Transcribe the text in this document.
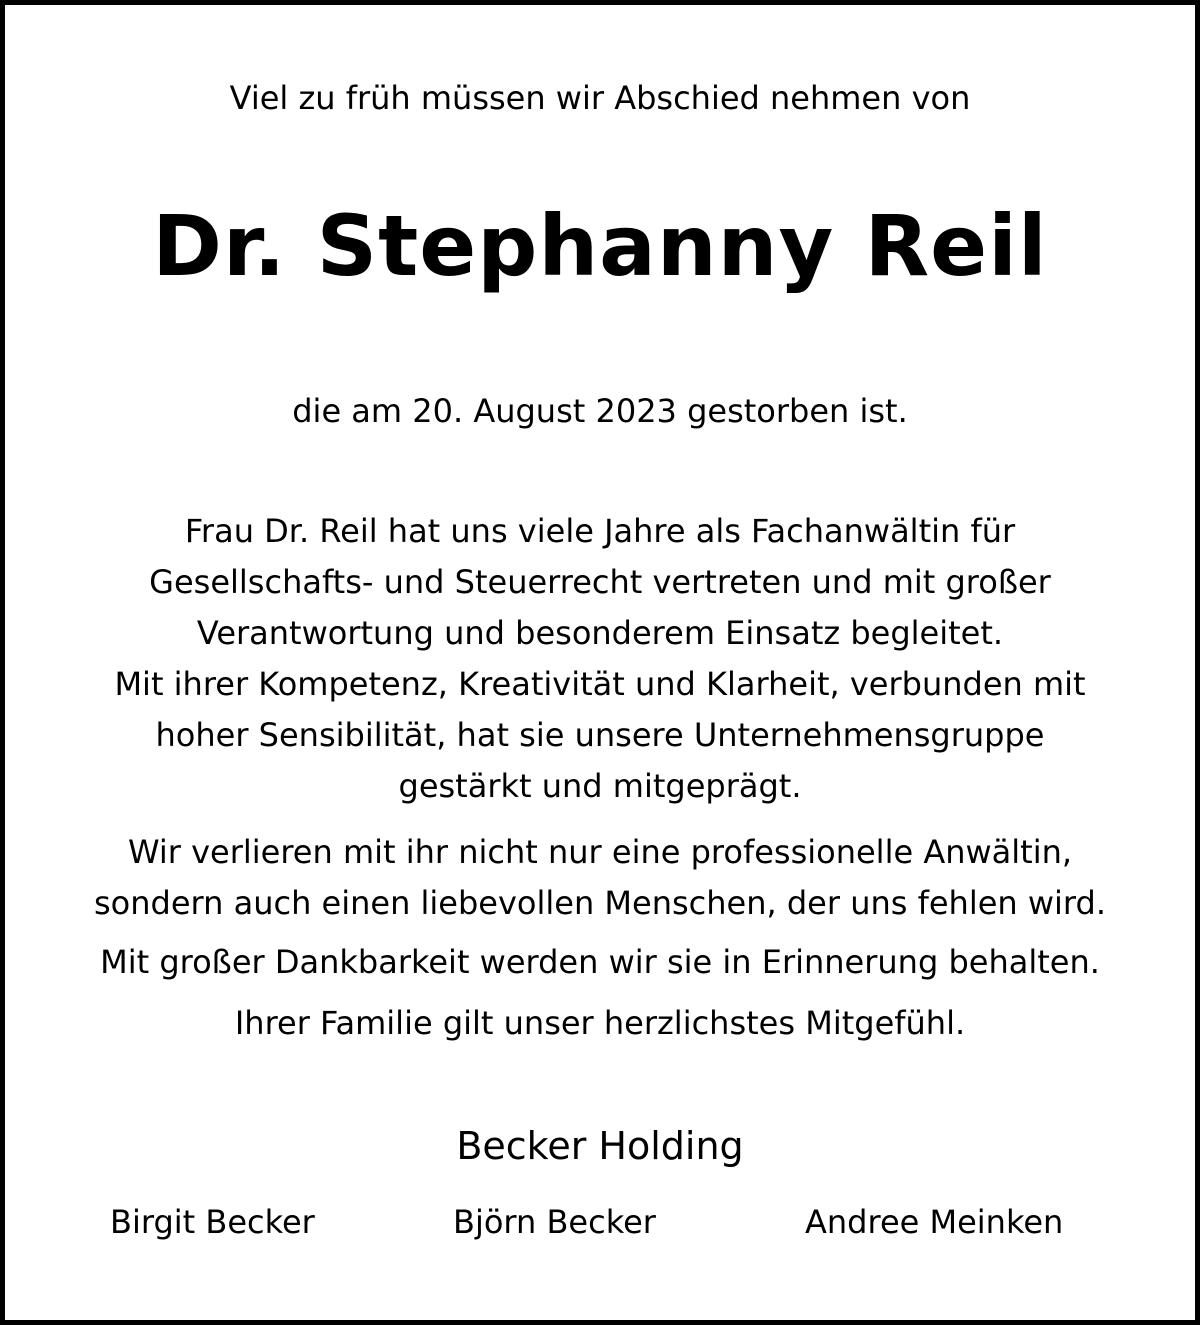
Viel zu früh müssen wir Abschied nehmen von

Dr. Stephanny Reil

die am 20. August 2023 gestorben ist.

Frau Dr. Reil hat uns viele Jahre als Fachanwältin für
Gesellschafts- und Steuerrecht vertreten und mit großer
Verantwortung und besonderem Einsatz begleitet.
Mit ihrer Kompetenz, Kreativität und Klarheit, verbunden mit
hoher Sensibilität, hat sie unsere Unternehmensgruppe
gestärkt und mitgeprägt.
Wir verlieren mit ihr nicht nur eine professionelle Anwältin,
sondern auch einen liebevollen Menschen, der uns fehlen wird.
Mit großer Dankbarkeit werden wir sie in Erinnerung behalten.
Ihrer Familie gilt unser herzlichstes Mitgefühl.

Becker Holding

Birgit Becker	Björn Becker	Andree Meinken
